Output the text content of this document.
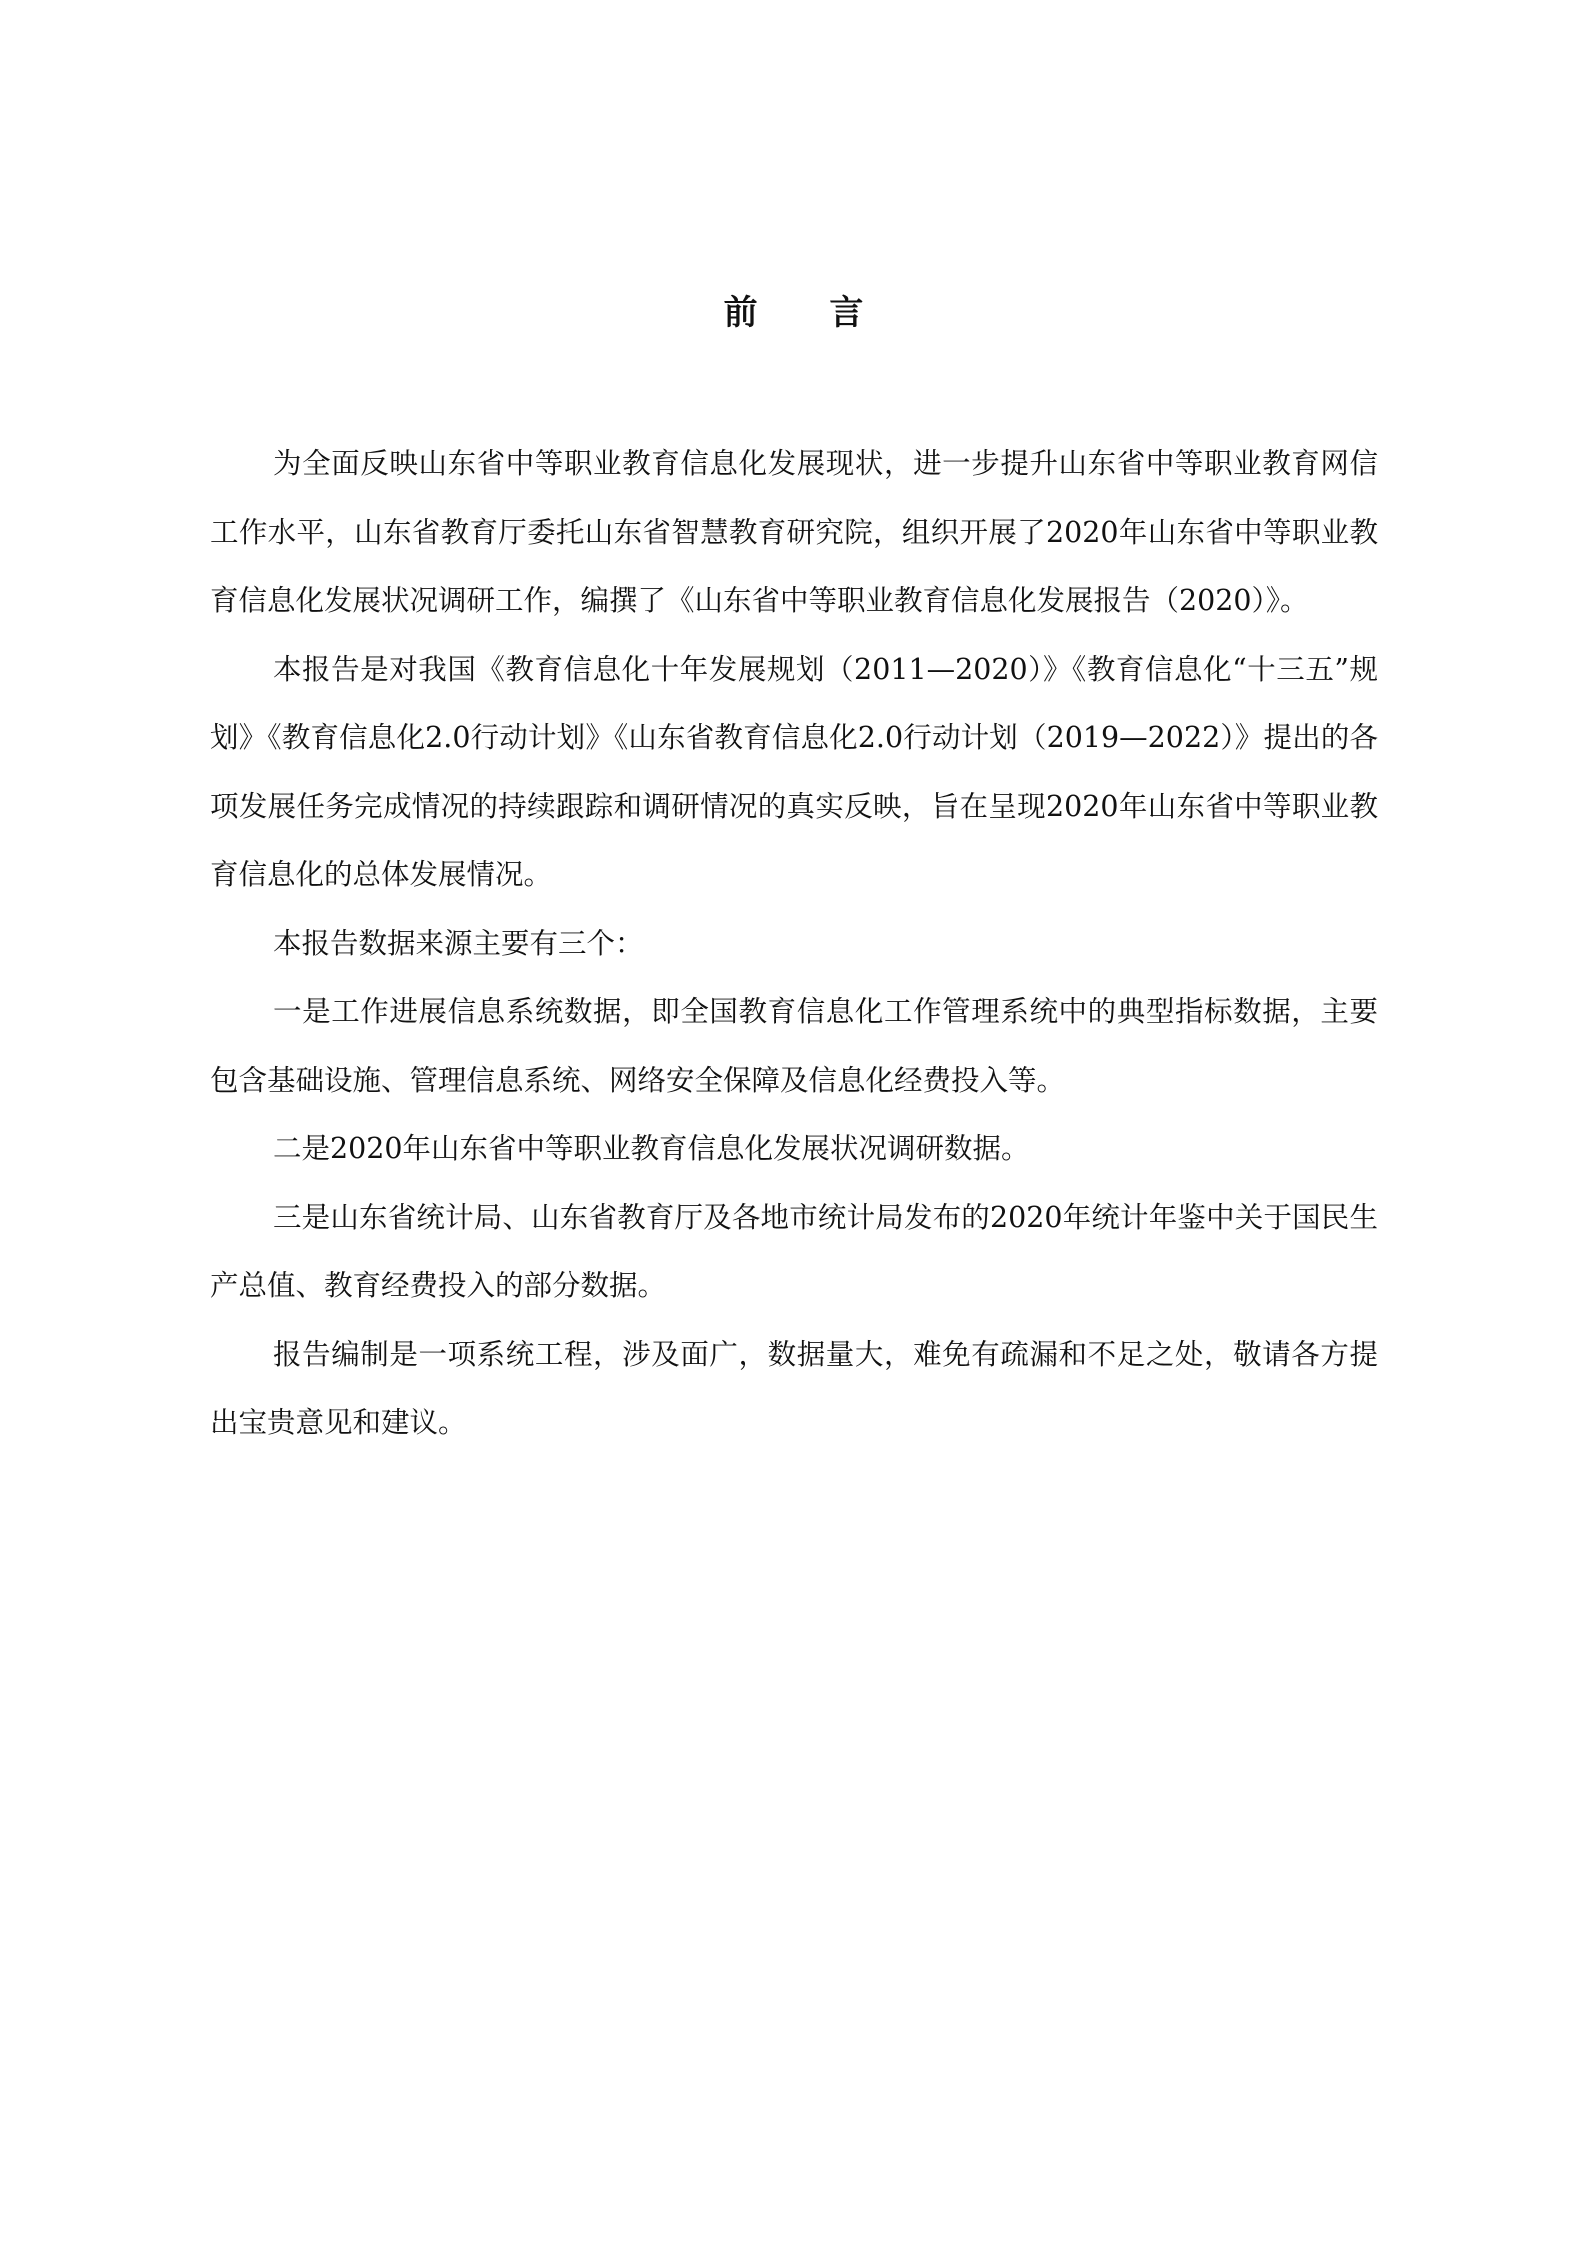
前 言

为全面反映山东省中等职业教育信息化发展现状，进一步提升山东省中等职业教育网信工作水平，山东省教育厅委托山东省智慧教育研究院，组织开展了2020年山东省中等职业教育信息化发展状况调研工作，编撰了《山东省中等职业教育信息化发展报告（2020）》。

本报告是对我国《教育信息化十年发展规划（2011—2020）》《教育信息化“十三五”规划》《教育信息化2.0行动计划》《山东省教育信息化2.0行动计划（2019—2022）》提出的各项发展任务完成情况的持续跟踪和调研情况的真实反映，旨在呈现2020年山东省中等职业教育信息化的总体发展情况。

本报告数据来源主要有三个：

一是工作进展信息系统数据，即全国教育信息化工作管理系统中的典型指标数据，主要包含基础设施、管理信息系统、网络安全保障及信息化经费投入等。

二是2020年山东省中等职业教育信息化发展状况调研数据。

三是山东省统计局、山东省教育厅及各地市统计局发布的2020年统计年鉴中关于国民生产总值、教育经费投入的部分数据。

报告编制是一项系统工程，涉及面广，数据量大，难免有疏漏和不足之处，敬请各方提出宝贵意见和建议。
